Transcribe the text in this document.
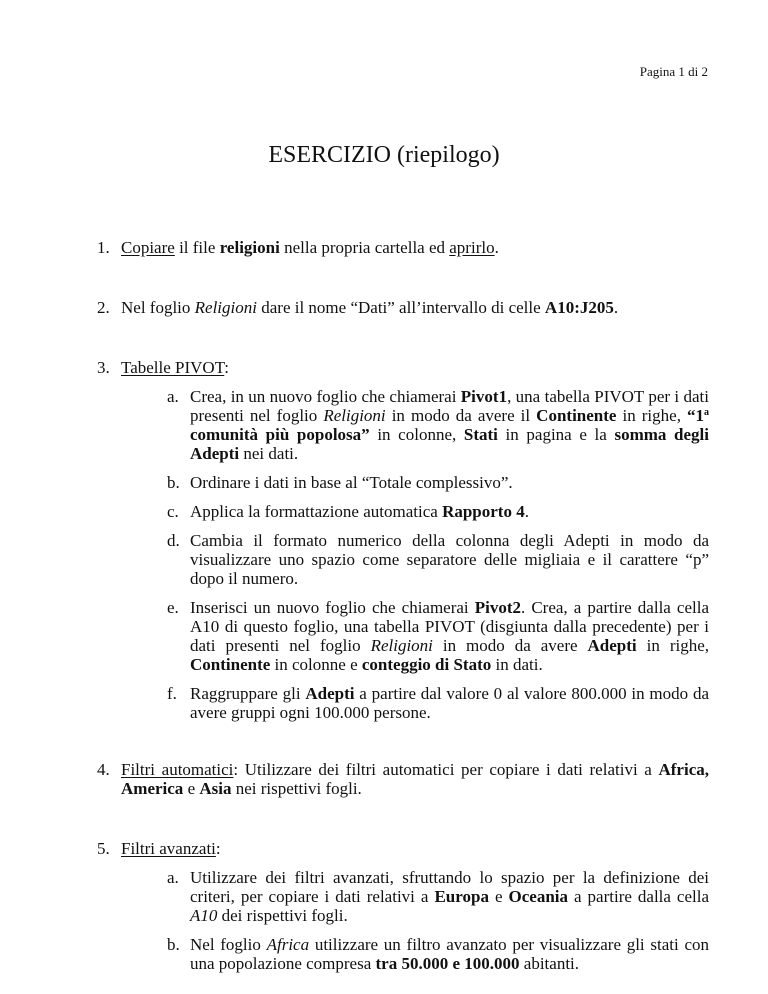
Pagina 1 di 2
ESERCIZIO (riepilogo)
1. Copiare il file religioni nella propria cartella ed aprirlo.
2. Nel foglio Religioni dare il nome “Dati” all’intervallo di celle A10:J205.
3. Tabelle PIVOT:
a. Crea, in un nuovo foglio che chiamerai Pivot1, una tabella PIVOT per i dati presenti nel foglio Religioni in modo da avere il Continente in righe, “1$^a$ comunità più popolosa” in colonne, Stati in pagina e la somma degli Adepti nei dati.
b. Ordinare i dati in base al “Totale complessivo”.
c. Applica la formattazione automatica Rapporto 4.
d. Cambia il formato numerico della colonna degli Adepti in modo da visualizzare uno spazio come separatore delle migliaia e il carattere “p” dopo il numero.
e. Inserisci un nuovo foglio che chiamerai Pivot2. Crea, a partire dalla cella A10 di questo foglio, una tabella PIVOT (disgiunta dalla precedente) per i dati presenti nel foglio Religioni in modo da avere Adepti in righe, Continente in colonne e conteggio di Stato in dati.
f. Raggruppare gli Adepti a partire dal valore 0 al valore 800.000 in modo da avere gruppi ogni 100.000 persone.
4. Filtri automatici: Utilizzare dei filtri automatici per copiare i dati relativi a Africa, America e Asia nei rispettivi fogli.
5. Filtri avanzati:
a. Utilizzare dei filtri avanzati, sfruttando lo spazio per la definizione dei criteri, per copiare i dati relativi a Europa e Oceania a partire dalla cella A10 dei rispettivi fogli.
b. Nel foglio Africa utilizzare un filtro avanzato per visualizzare gli stati con una popolazione compresa tra 50.000 e 100.000 abitanti.
